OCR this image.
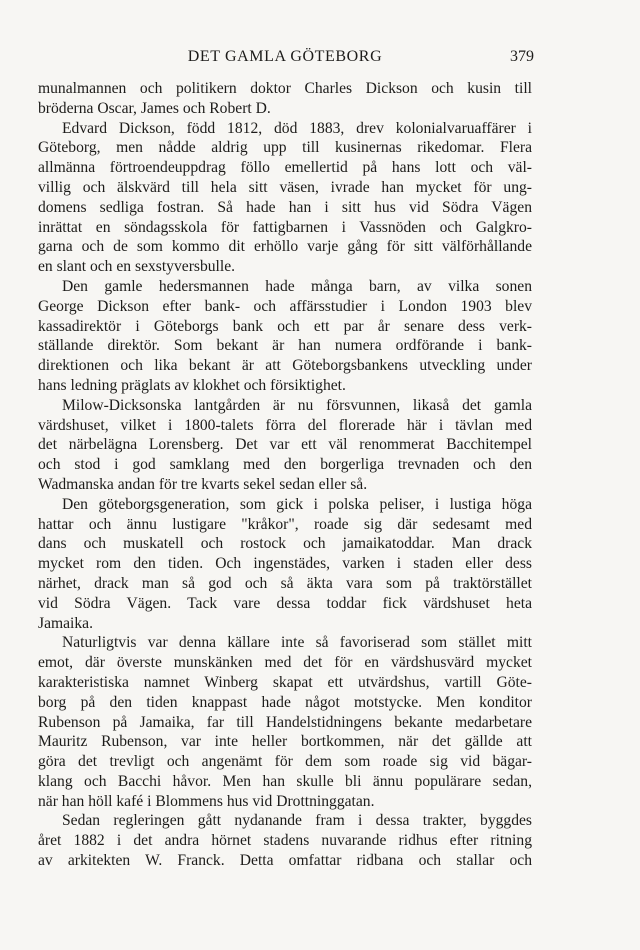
DET GAMLA GÖTEBORG	379
munalmannen och politikern doktor Charles Dickson och kusin till
bröderna Oscar, James och Robert D.
Edvard Dickson, född 1812, död 1883, drev kolonialvaruaffärer i
Göteborg, men nådde aldrig upp till kusinernas rikedomar. Flera
allmänna förtroendeuppdrag föllo emellertid på hans lott och väl-
villig och älskvärd till hela sitt väsen, ivrade han mycket för ung-
domens sedliga fostran. Så hade han i sitt hus vid Södra Vägen
inrättat en söndagsskola för fattigbarnen i Vassnöden och Galgkro-
garna och de som kommo dit erhöllo varje gång för sitt välförhållande
en slant och en sexstyversbulle.
Den gamle hedersmannen hade många barn, av vilka sonen
George Dickson efter bank- och affärsstudier i London 1903 blev
kassadirektör i Göteborgs bank och ett par år senare dess verk-
ställande direktör. Som bekant är han numera ordförande i bank-
direktionen och lika bekant är att Göteborgsbankens utveckling under
hans ledning präglats av klokhet och försiktighet.
Milow-Dicksonska lantgården är nu försvunnen, likaså det gamla
värdshuset, vilket i 1800-talets förra del florerade här i tävlan med
det närbelägna Lorensberg. Det var ett väl renommerat Bacchitempel
och stod i god samklang med den borgerliga trevnaden och den
Wadmanska andan för tre kvarts sekel sedan eller så.
Den göteborgsgeneration, som gick i polska peliser, i lustiga höga
hattar och ännu lustigare "kråkor", roade sig där sedesamt med
dans och muskatell och rostock och jamaikatoddar. Man drack
mycket rom den tiden. Och ingenstädes, varken i staden eller dess
närhet, drack man så god och så äkta vara som på traktörstället
vid Södra Vägen. Tack vare dessa toddar fick värdshuset heta
Jamaika.
Naturligtvis var denna källare inte så favoriserad som stället mitt
emot, där överste munskänken med det för en värdshusvärd mycket
karakteristiska namnet Winberg skapat ett utvärdshus, vartill Göte-
borg på den tiden knappast hade något motstycke. Men konditor
Rubenson på Jamaika, far till Handelstidningens bekante medarbetare
Mauritz Rubenson, var inte heller bortkommen, när det gällde att
göra det trevligt och angenämt för dem som roade sig vid bägar-
klang och Bacchi håvor. Men han skulle bli ännu populärare sedan,
när han höll kafé i Blommens hus vid Drottninggatan.
Sedan regleringen gått nydanande fram i dessa trakter, byggdes
året 1882 i det andra hörnet stadens nuvarande ridhus efter ritning
av arkitekten W. Franck. Detta omfattar ridbana och stallar och
